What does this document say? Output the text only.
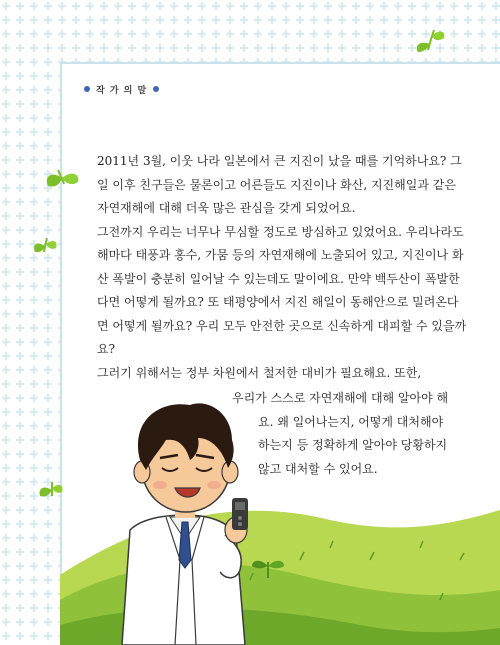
작 가 의 말

2011년 3월, 이웃 나라 일본에서 큰 지진이 났을 때를 기억하나요? 그일 이후 친구들은 물론이고 어른들도 지진이나 화산, 지진해일과 같은 자연재해에 대해 더욱 많은 관심을 갖게 되었어요.

그전까지 우리는 너무나 무심할 정도로 방심하고 있었어요. 우리나라도 해마다 태풍과 홍수, 가뭄 등의 자연재해에 노출되어 있고, 지진이나 화산 폭발이 충분히 일어날 수 있는데도 말이에요. 만약 백두산이 폭발한다면 어떻게 될까요? 또 태평양에서 지진 해일이 동해안으로 밀려온다면 어떻게 될까요? 우리 모두 안전한 곳으로 신속하게 대피할 수 있을까요?

그러기 위해서는 정부 차원에서 철저한 대비가 필요해요. 또한,

우리가 스스로 자연재해에 대해 알아야 해
요. 왜 일어나는지, 어떻게 대처해야
하는지 등 정확하게 알아야 당황하지
않고 대처할 수 있어요.
